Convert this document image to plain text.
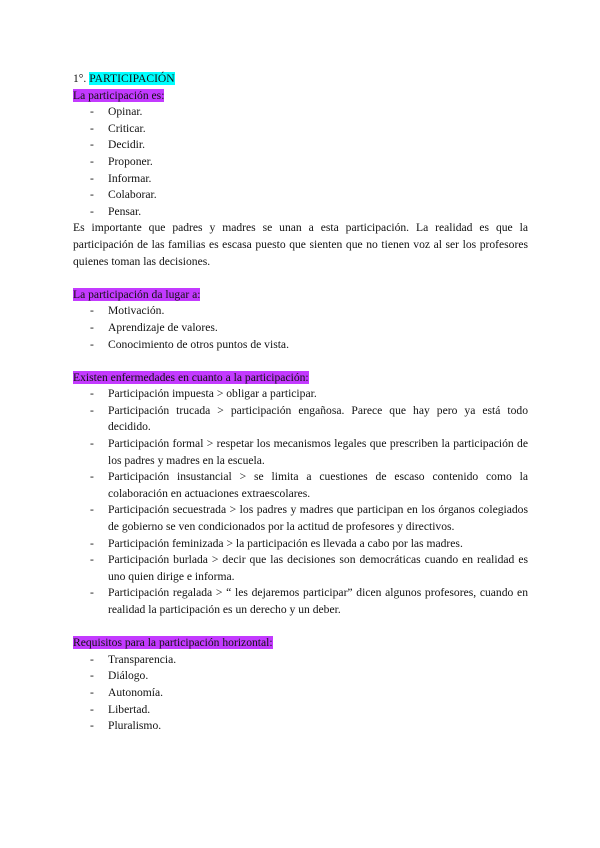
1°. PARTICIPACIÓN

La participación es:

- Opinar.
- Criticar.
- Decidir.
- Proponer.
- Informar.
- Colaborar.
- Pensar.

Es importante que padres y madres se unan a esta participación. La realidad es que la participación de las familias es escasa puesto que sienten que no tienen voz al ser los profesores quienes toman las decisiones.

La participación da lugar a:

- Motivación.
- Aprendizaje de valores.
- Conocimiento de otros puntos de vista.

Existen enfermedades en cuanto a la participación:

- Participación impuesta > obligar a participar.
- Participación trucada > participación engañosa. Parece que hay pero ya está todo decidido.
- Participación formal > respetar los mecanismos legales que prescriben la participación de los padres y madres en la escuela.
- Participación insustancial > se limita a cuestiones de escaso contenido como la colaboración en actuaciones extraescolares.
- Participación secuestrada > los padres y madres que participan en los órganos colegiados de gobierno se ven condicionados por la actitud de profesores y directivos.
- Participación feminizada > la participación es llevada a cabo por las madres.
- Participación burlada > decir que las decisiones son democráticas cuando en realidad es uno quien dirige e informa.
- Participación regalada > “ les dejaremos participar” dicen algunos profesores, cuando en realidad la participación es un derecho y un deber.

Requisitos para la participación horizontal:

- Transparencia.
- Diálogo.
- Autonomía.
- Libertad.
- Pluralismo.
